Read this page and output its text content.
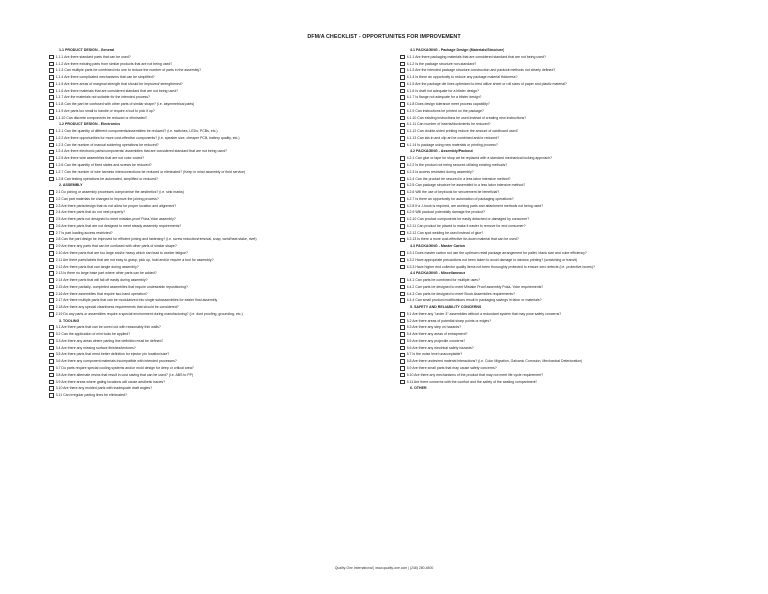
DFM/A CHECKLIST - OPPORTUNITES FOR IMPROVEMENT
1.1 PRODUCT DESIGN - General
1.1.1 Are there standard parts that can be used?
1.1.2 Are there existing parts from similar products that are not being used?
1.1.3 Can multiple parts be combined into one to reduce the number of parts in the assembly?
1.1.4 Are there complicated mechanisms that can be simplified?
1.1.5 Are there areas of marginal strength that should be improved/ strengthened?
1.1.6 Are there materials that are considered standard that are not being used?
1.1.7 Are the materials not suitable for the intended process?
1.1.8 Can the part be confused with other parts of similar shape? (i.e. asymmetrical parts)
1.1.9 Are parts too small to handle or require a tool to pick it up?
1.1.10 Can discrete components be reduced or eliminated?
1.2 PRODUCT DESIGN - Electronics
1.2.1 Can the quantity of different components/assemblies be reduced? (i.e. switches, LEDs, PCBs, etc.)
1.2.2 Are there opportunities for more cost-effective components? (i.e. speaker size, cheaper PCB, battery quality, etc.)
1.2.3 Can the number of manual soldering operations be reduced?
1.2.4 Are there electronic parts/components/ assemblies that are considered standard that are not being used?
1.2.5 Are there wire assemblies that are not color coded?
1.2.6 Can the quantity of fixed states and screws be reduced?
1.2.7 Can the number of wire harness interconnections be reduced or eliminated? (Keep in mind assembly or field service)
1.2.8 Can testing operations be automated, simplified or reduced?
2. ASSEMBLY
2.1 Do joining or assembly processes compromise the aesthetics? (i.e. sink marks)
2.2 Can part materials be changed to improve the joining process?
2.3 Are there parts/design that do not allow for proper location and alignment?
2.4 Are there parts that do not nest properly?
2.5 Are there parts not designed to meet mistake-proof Poka-Yoke assembly?
2.6 Are there parts that are not designed to meet steady assembly requirements?
2.7 Is part loading access restricted?
2.8 Can the part design be improved for efficient joining and fastening? (i.e. screw reduction/removal, snap, weld/heat stake, rivet)
2.9 Are there any parts that can be confused with other parts of similar shape?
2.10 Are there parts that are too large and/or heavy which can lead to worker fatigue?
2.11 Are there parts/labels that are not easy to grasp, pick up, hold and/or require a tool for assembly?
2.12 Are there parts that can tangle during assembly?
2.13 Is there no large base part where other parts can be added?
2.14 Are there parts that will fall off easily during assembly?
2.15 Are there partially- completed assemblies that require undesirable repositioning?
2.16 Are there assemblies that require two-hand operation?
2.17 Are there multiple parts that can be modularized into single subassemblies for easier final assembly
2.18 Are there any special cleanliness requirements that should be considered?
2.19 Do any parts or assemblies require a special environment during manufacturing? (i.e. dust proofing, grounding, etc.)
3. TOOLING
3.1 Are there parts that can be cored out with reasonably thin walls?
3.2 Can the application of mini tools be applied?
3.3 Are there any areas where parting line definition must be defined?
3.4 Are there any missing surface finishes/textures?
3.5 Are there parts that need better definition for ejector pin location/size?
3.6 Are there any component materials incompatible with intended processes?
3.7 Do parts require special cooling systems and/or mold design for deep or critical area?
3.8 Are there alternate resins that result in cost saving that can be used? (i.e. ABS to PP)
3.9 Are there areas where gating locations will cause aesthetic issues?
3.10 Are there any molded parts with inadequate draft angles?
3.11 Can irregular parting lines be eliminated?
4.1 PACKAGING - Package Design (Materials/Structure)
4.1.1 Are there packaging materials that are considered standard that are not being used?
4.1.2 Is the package structure non-standard?
4.1.3 Are the intended package structure construction and packout methods not clearly defined?
4.1.4 Is there an opportunity to reduce any package material thickness?
4.1.5 Are the package die lines optimized to best utilize sheet or roll sizes of paper and plastic material?
4.1.6 Is draft not adequate for a blister design?
4.1.7 Is flange not adequate for a blister design?
4.1.8 Does design tolerance meet process capability?
4.1.9 Can instructions be printed on the package?
4.1.10 Can existing instructions be used instead of creating new instructions?
4.1.11 Can number of inserts/blockments be reduced?
4.1.12 Can double-sided printing reduce the amount of cardboard used?
4.1.13 Can tab-in and clip art be combined and/or reduced?
4.1.14 Is package using new materials or printing process?
4.2 PACKAGING - Assembly/Packout
4.2.1 Can glue or tape for shop art be replaced with a standard mechanical locking approach?
4.2.2 Is the product not being secured utilizing existing methods?
4.2.3 Is access restricted during assembly?
4.2.4 Can the product be secured in a less labor intensive method?
4.2.5 Can package structure be assembled in a less labor intensive method?
4.2.6 Will the use of keyboots for securement be beneficial?
4.2.7 Is there an opportunity for automation of packaging operations?
4.2.8 If a J-hook is required, are working parts and attachment methods not being used?
4.2.9 Will packout potentially damage the product?
4.2.10 Can product components be easily detached or damaged by consumer?
4.2.11 Can product be placed to make it easier to remove for end consumer?
4.2.12 Can spot welding be used instead of glue?
4.2.13 Is there a more cost-effective tie-down material that can be used?
4.3 PACKAGING - Master Carton
4.3.1 Does master carton not use the optimum retail package arrangement for pallet, blank size and cube efficiency?
4.3.2 Have appropriate precautions not been taken to avoid damage to window printing? (scratching or transit)
4.3.3 Have higher end collector quality items not been thoroughly protected to ensure zero defects (i.e. protective boxes)?
4.4 PACKAGING - Miscellaneous
4.4.1 Can parts be combined for multiple uses?
4.4.2 Can parts be designed to meet Mistake Proof assembly Poka- Yoke requirements?
4.4.3 Can parts be designed to meet Stock Assemblies requirements?
4.4.4 Can small product modifications result in packaging savings in labor or materials?
5. SAFETY AND RELIABILITY CONCERNS
5.1 Are there any "under 3" assemblies without a redundant system that may pose safety concerns?
5.2 Are there areas of potential sharp points or edges?
5.3 Are there any step on hazards?
5.4 Are there any areas of entrapment?
5.5 Are there any projectile concerns?
5.6 Are there any electrical safety hazards?
5.7 Is the noise level unacceptable?
5.8 Are there undesired material interactions? (i.e. Color Migration, Galvanic Corrosion, Mechanical Deterioration)
5.9 Are there small parts that may cause safety concerns?
5.10 Are there any mechanisms of the product that may not meet life cycle requirement?
5.11 Are there concerns with the comfort and the safety of the seating compartment?
6. OTHER
Quality-One International | www.quality-one.com | (248) 280-4800
